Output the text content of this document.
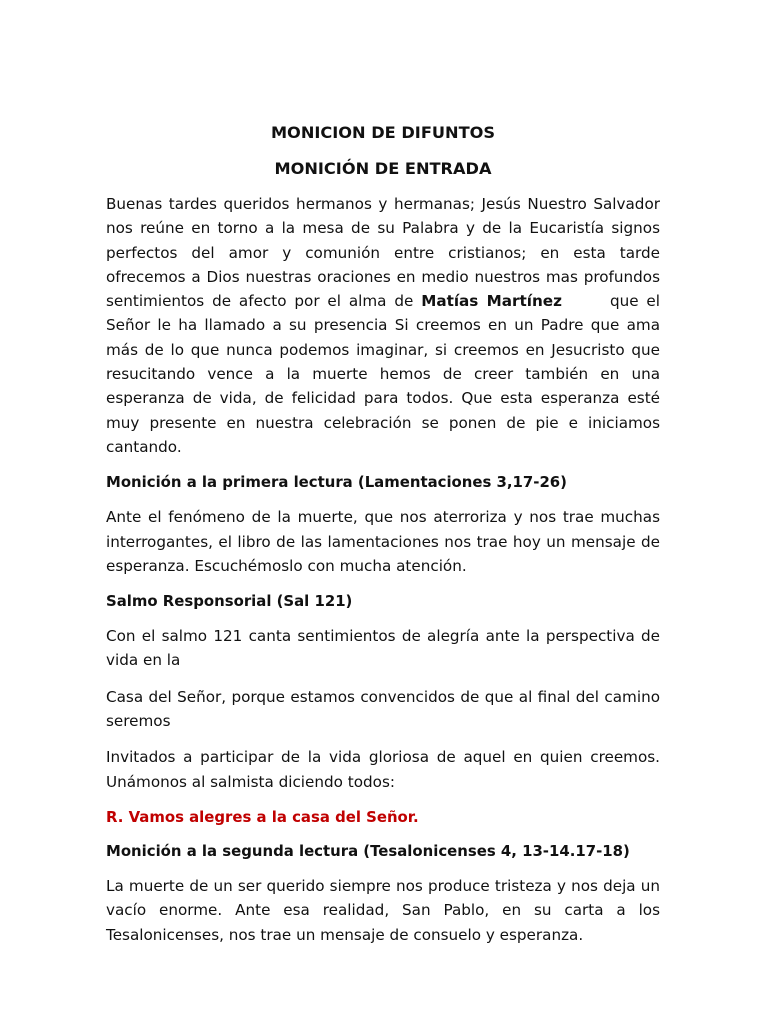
MONICION DE DIFUNTOS
MONICIÓN DE ENTRADA

Buenas tardes queridos hermanos y hermanas; Jesús Nuestro Salvador nos reúne en torno a la mesa de su Palabra y de la Eucaristía signos perfectos del amor y comunión entre cristianos; en esta tarde ofrecemos a Dios nuestras oraciones en medio nuestros mas profundos sentimientos de afecto por el alma de Matías Martínez	que el Señor le ha llamado a su presencia Si creemos en un Padre que ama más de lo que nunca podemos imaginar, si creemos en Jesucristo que resucitando vence a la muerte hemos de creer también en una esperanza de vida, de felicidad para todos. Que esta esperanza esté muy presente en nuestra celebración se ponen de pie e iniciamos cantando.

Monición a la primera lectura (Lamentaciones 3,17-26)

Ante el fenómeno de la muerte, que nos aterroriza y nos trae muchas interrogantes, el libro de las lamentaciones nos trae hoy un mensaje de esperanza. Escuchémoslo con mucha atención.

Salmo Responsorial (Sal 121)

Con el salmo 121 canta sentimientos de alegría ante la perspectiva de vida en la

Casa del Señor, porque estamos convencidos de que al final del camino seremos

Invitados a participar de la vida gloriosa de aquel en quien creemos. Unámonos al salmista diciendo todos:

R. Vamos alegres a la casa del Señor.
Monición a la segunda lectura (Tesalonicenses 4, 13-14.17-18)

La muerte de un ser querido siempre nos produce tristeza y nos deja un vacío enorme. Ante esa realidad, San Pablo, en su carta a los Tesalonicenses, nos trae un mensaje de consuelo y esperanza.
